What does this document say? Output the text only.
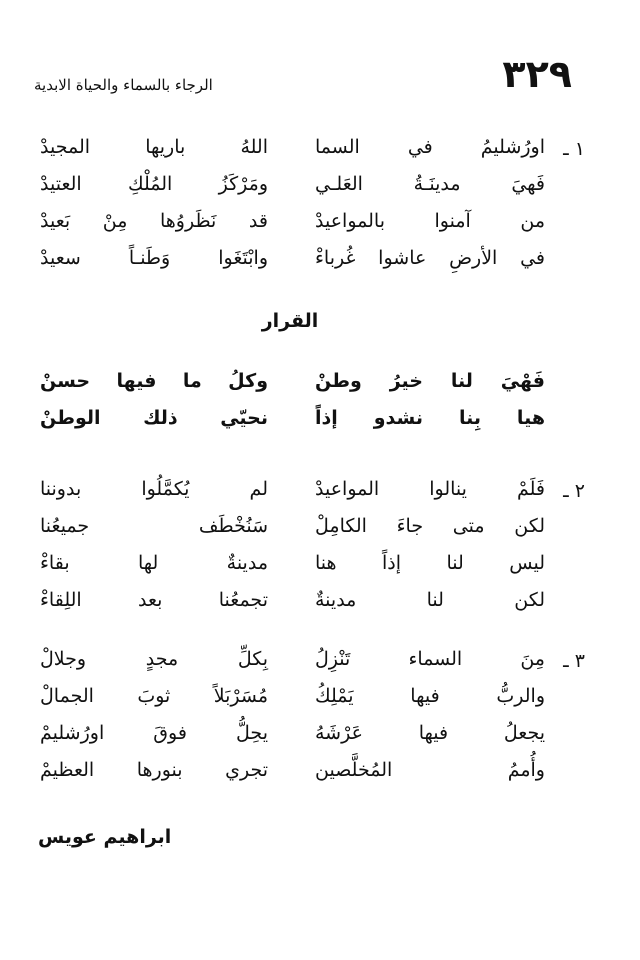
٣٢٩
الرجاء بالسماء والحياة الابدية
١ ـ
اورُشليمُ في السما
اللهُ باريها المجيدْ
فَهيَ مدينَـةُ العَلـي
ومَرْكَزُ المُلْكِ العتيدْ
من آمنوا بالمواعيدْ
قد نَظَروُها مِنْ بَعيدْ
في الأرضِ عاشوا غُرباءْ
وابْتَغَوا وَطَنـاً سعيدْ
القرار
فَهْيَ لنا خيرُ وطنْ
وكلُ ما فيها حسنْ
هيا بِنا نشدو إذاً
نحيّي ذلك الوطنْ
٢ ـ
فَلَمْ ينالوا المواعيدْ
لم يُكمَّلُوا بدوننا
لكن متى جاءَ الكامِلْ
سَنُخْطَف جميعُنا
ليس لنا إذاً هنا
مدينةٌ لها بقاءْ
لكن لنا مدينةٌ
تجمعُنا بعد اللِقاءْ
٣ ـ
مِنَ السماء تَنْزِلُ
بِكلِّ مجدٍ وجلالْ
والربُّ فيها يَمْلِكُ
مُسَرْبَلاً ثوبَ الجمالْ
يجعلُ فيها عَرْشَهُ
يحِلُّ فوقَ اورُشليمْ
وأُممُ المُخلَّصين
تجري بنورها العظيمْ
ابراهيم عويس
